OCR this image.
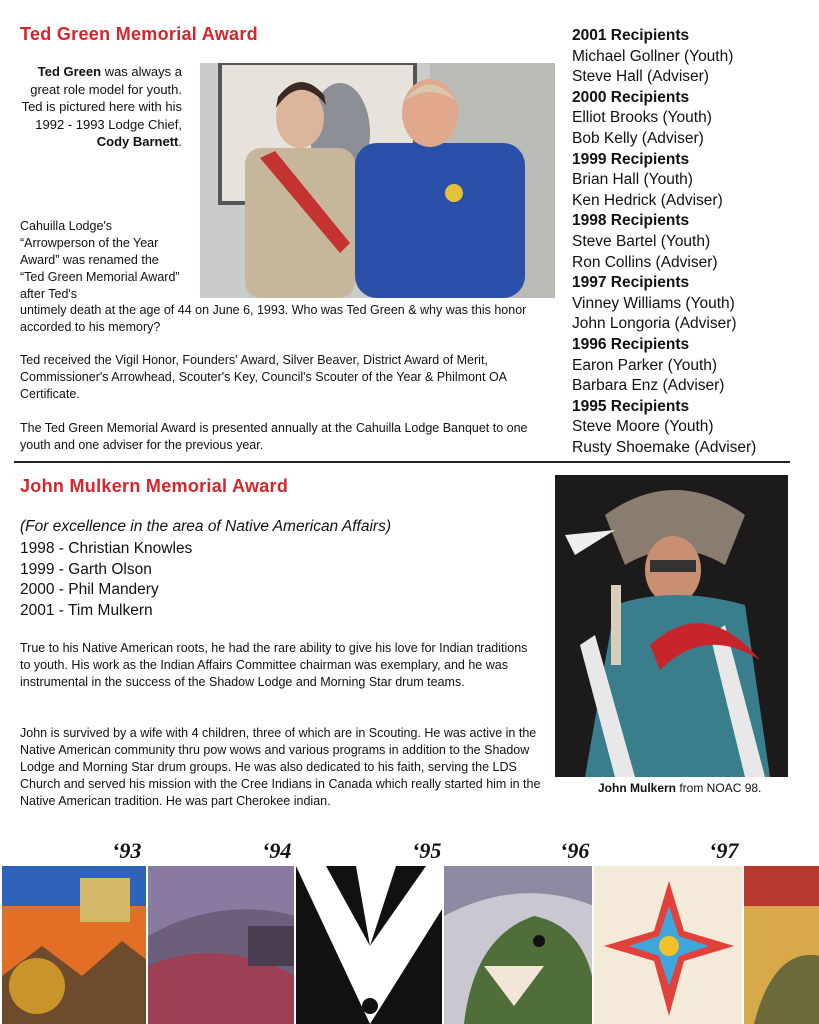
Ted Green Memorial Award
Ted Green was always a great role model for youth. Ted is pictured here with his 1992 - 1993 Lodge Chief, Cody Barnett.
Cahuilla Lodge's “Arrowperson of the Year Award” was renamed the “Ted Green Memorial Award” after Ted's
untimely death at the age of 44 on June 6, 1993. Who was Ted Green & why was this honor accorded to his memory?
Ted received the Vigil Honor, Founders' Award, Silver Beaver, District Award of Merit, Commissioner's Arrowhead, Scouter's Key, Council's Scouter of the Year & Philmont OA Certificate.
The Ted Green Memorial Award is presented annually at the Cahuilla Lodge Banquet to one youth and one adviser for the previous year.
2001 Recipients
Michael Gollner (Youth)
Steve Hall (Adviser)
2000 Recipients
Elliot Brooks (Youth)
Bob Kelly (Adviser)
1999 Recipients
Brian Hall (Youth)
Ken Hedrick (Adviser)
1998 Recipients
Steve Bartel (Youth)
Ron Collins (Adviser)
1997 Recipients
Vinney Williams (Youth)
John Longoria (Adviser)
1996 Recipients
Earon Parker (Youth)
Barbara Enz (Adviser)
1995 Recipients
Steve Moore (Youth)
Rusty Shoemake (Adviser)
John Mulkern Memorial Award
(For excellence in the area of Native American Affairs)
1998 - Christian Knowles
1999 - Garth Olson
2000 - Phil Mandery
2001 - Tim Mulkern
True to his Native American roots, he had the rare ability to give his love for Indian traditions to youth. His work as the Indian Affairs Committee chairman was exemplary, and he was instrumental in the success of the Shadow Lodge and Morning Star drum teams.
John is survived by a wife with 4 children, three of which are in Scouting. He was active in the Native American community thru pow wows and various programs in addition to the Shadow Lodge and Morning Star drum groups. He was also dedicated to his faith, serving the LDS Church and served his mission with the Cree Indians in Canada which really started him in the Native American tradition. He was part Cherokee indian.
John Mulkern from NOAC 98.
‘93	‘94	‘95	‘96	‘97
